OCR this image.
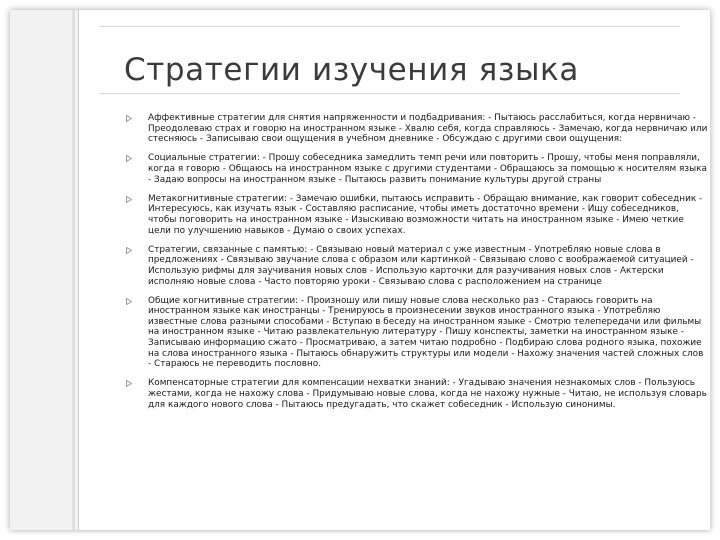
Стратегии изучения языка
Аффективные стратегии для снятия напряженности и подбадривания: - Пытаюсь расслабиться, когда нервничаю - Преодолеваю страх и говорю на иностранном языке - Хвалю себя, когда справляюсь - Замечаю, когда нервничаю или стесняюсь - Записываю свои ощущения в учебном дневнике - Обсуждаю с другими свои ощущения:
Социальные стратегии: - Прошу собеседника замедлить темп речи или повторить - Прошу, чтобы меня поправляли, когда я говорю - Общаюсь на иностранном языке с другими студентами - Обращаюсь за помощью к носителям языка - Задаю вопросы на иностранном языке - Пытаюсь развить понимание культуры другой страны
Метакогнитивные стратегии: - Замечаю ошибки, пытаюсь исправить - Обращаю внимание, как говорит собеседник - Интересуюсь, как изучать язык - Составляю расписание, чтобы иметь достаточно времени - Ищу собеседников, чтобы поговорить на иностранном языке - Изыскиваю возможности читать на иностранном языке - Имею четкие цели по улучшению навыков - Думаю о своих успехах.
Стратегии, связанные с памятью: - Связываю новый материал с уже известным - Употребляю новые слова в предложениях - Связываю звучание слова с образом или картинкой - Связываю слово с воображаемой ситуацией - Использую рифмы для заучивания новых слов - Использую карточки для разучивания новых слов - Актерски исполняю новые слова - Часто повторяю уроки - Связываю слова с расположением на странице
Общие когнитивные стратегии: - Произношу или пишу новые слова несколько раз - Стараюсь говорить на иностранном языке как иностранцы - Тренируюсь в произнесении звуков иностранного языка - Употребляю известные слова разными способами - Вступаю в беседу на иностранном языке - Смотрю телепередачи или фильмы на иностранном языке - Читаю развлекательную литературу - Пишу конспекты, заметки на иностранном языке - Записываю информацию сжато - Просматриваю, а затем читаю подробно - Подбираю слова родного языка, похожие на слова иностранного языка - Пытаюсь обнаружить структуры или модели - Нахожу значения частей сложных слов - Стараюсь не переводить пословно.
Компенсаторные стратегии для компенсации нехватки знаний: - Угадываю значения незнакомых слов - Пользуюсь жестами, когда не нахожу слова - Придумываю новые слова, когда не нахожу нужные - Читаю, не используя словарь для каждого нового слова - Пытаюсь предугадать, что скажет собеседник - Использую синонимы.
